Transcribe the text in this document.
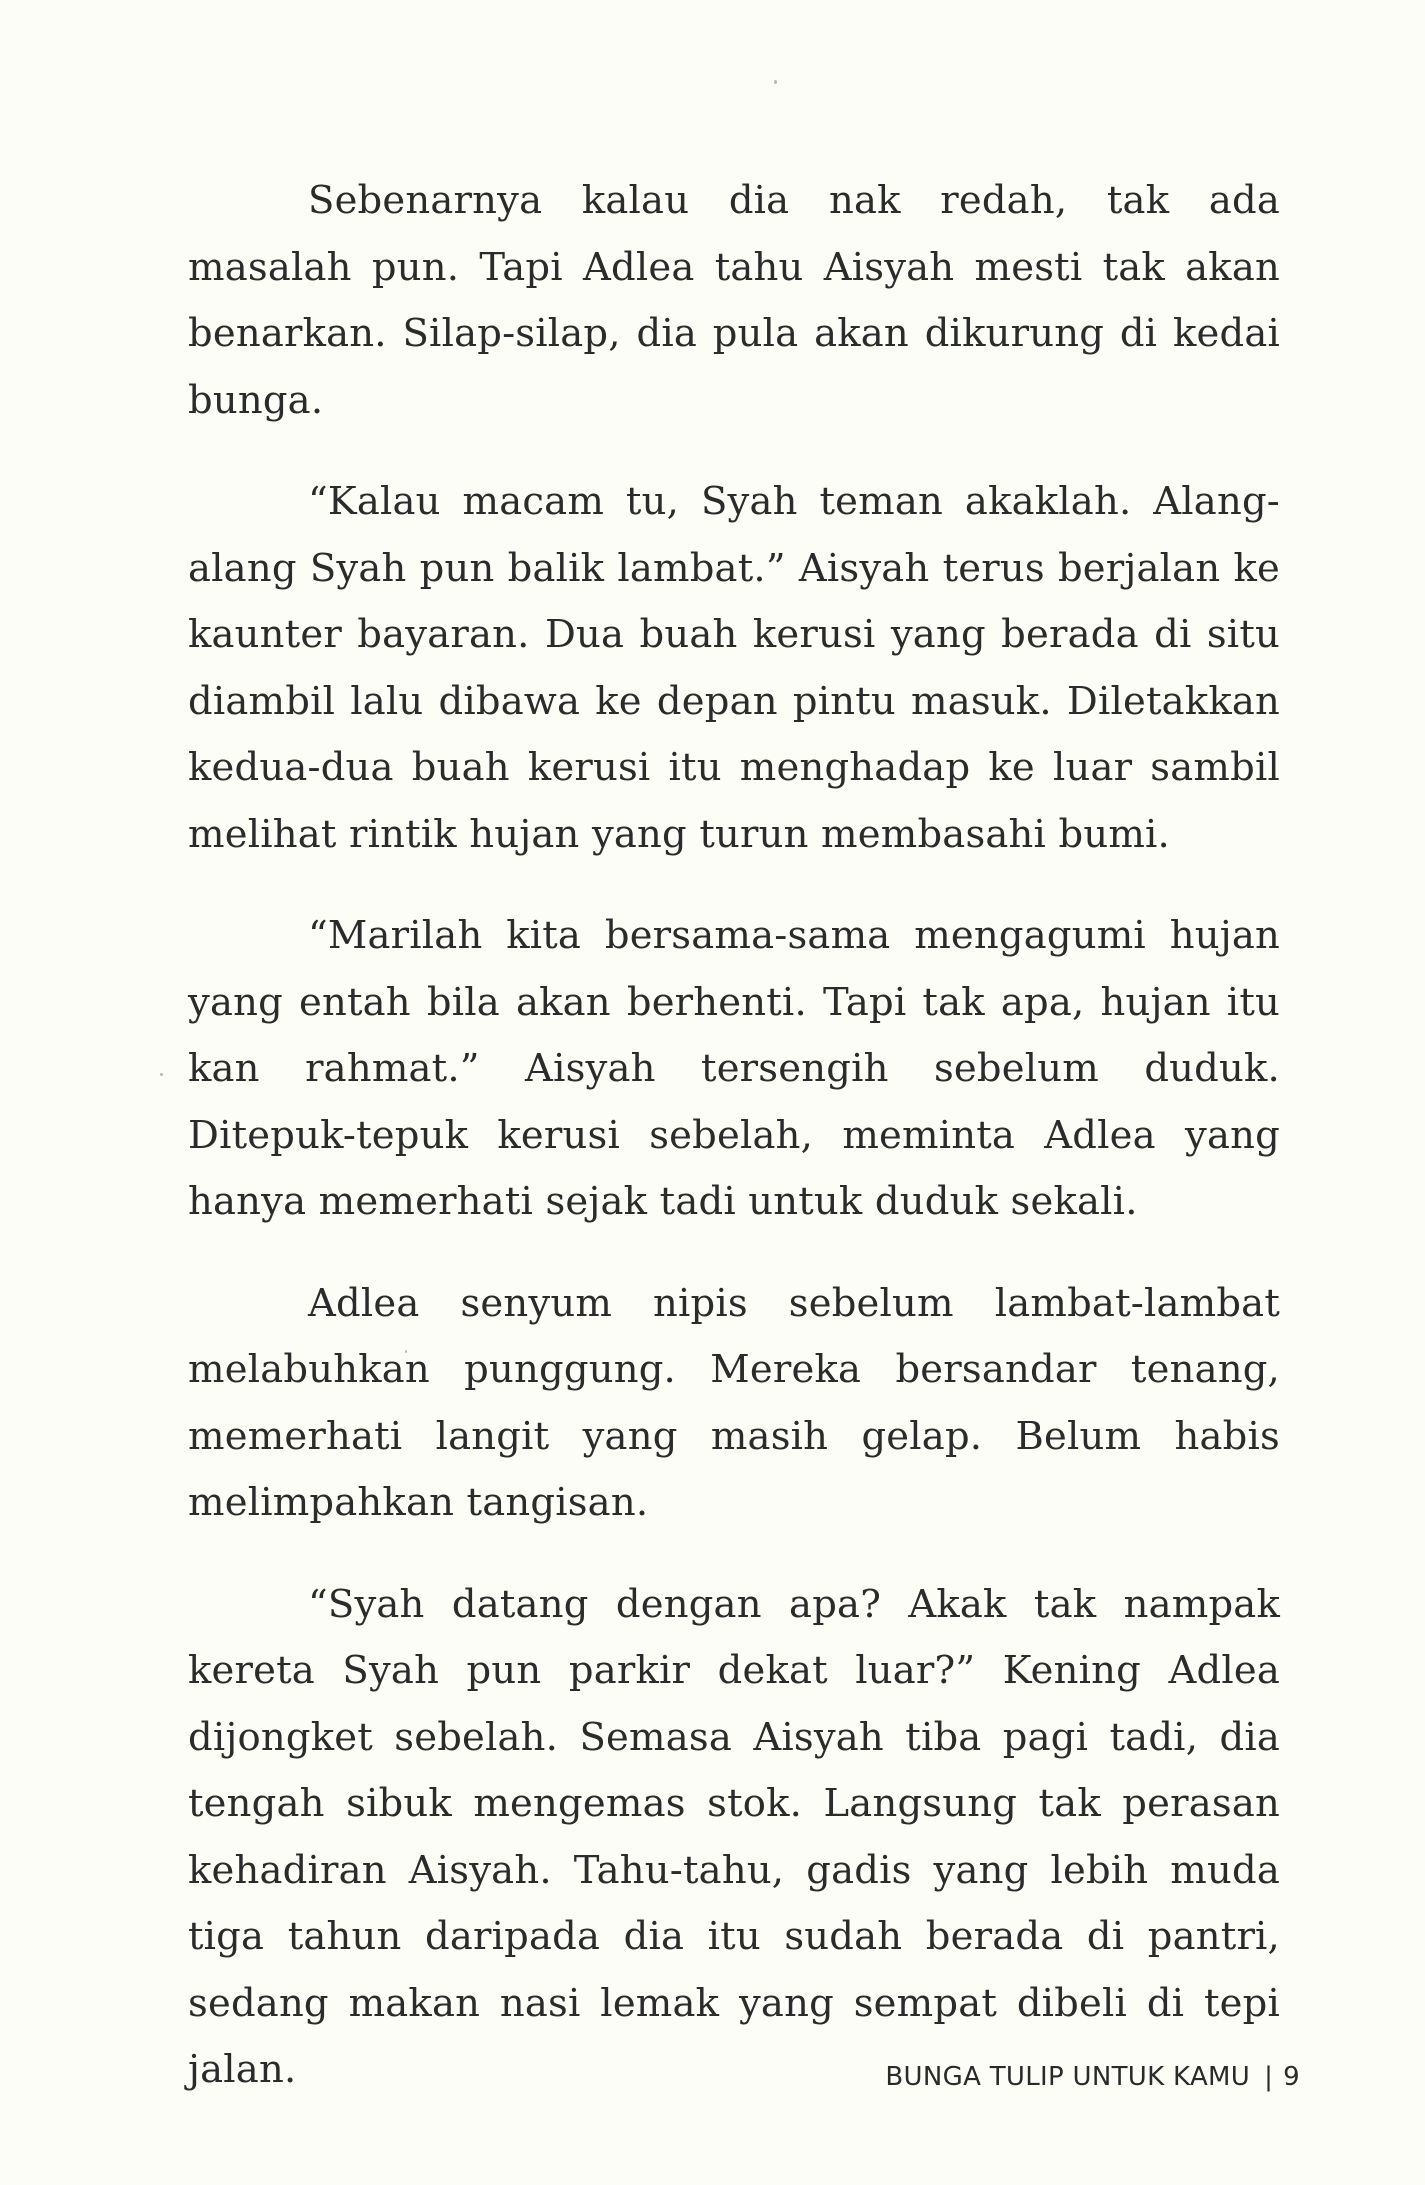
Sebenarnya kalau dia nak redah, tak ada masalah pun. Tapi Adlea tahu Aisyah mesti tak akan benarkan. Silap-silap, dia pula akan dikurung di kedai bunga.

“Kalau macam tu, Syah teman akaklah. Alang-alang Syah pun balik lambat.” Aisyah terus berjalan ke kaunter bayaran. Dua buah kerusi yang berada di situ diambil lalu dibawa ke depan pintu masuk. Diletakkan kedua-dua buah kerusi itu menghadap ke luar sambil melihat rintik hujan yang turun membasahi bumi.

“Marilah kita bersama-sama mengagumi hujan yang entah bila akan berhenti. Tapi tak apa, hujan itu kan rahmat.” Aisyah tersengih sebelum duduk. Ditepuk-tepuk kerusi sebelah, meminta Adlea yang hanya memerhati sejak tadi untuk duduk sekali.

Adlea senyum nipis sebelum lambat-lambat melabuhkan punggung. Mereka bersandar tenang, memerhati langit yang masih gelap. Belum habis melimpahkan tangisan.

“Syah datang dengan apa? Akak tak nampak kereta Syah pun parkir dekat luar?” Kening Adlea dijongket sebelah. Semasa Aisyah tiba pagi tadi, dia tengah sibuk mengemas stok. Langsung tak perasan kehadiran Aisyah. Tahu-tahu, gadis yang lebih muda tiga tahun daripada dia itu sudah berada di pantri, sedang makan nasi lemak yang sempat dibeli di tepi jalan.	BUNGA TULIP UNTUK KAMU | 9
